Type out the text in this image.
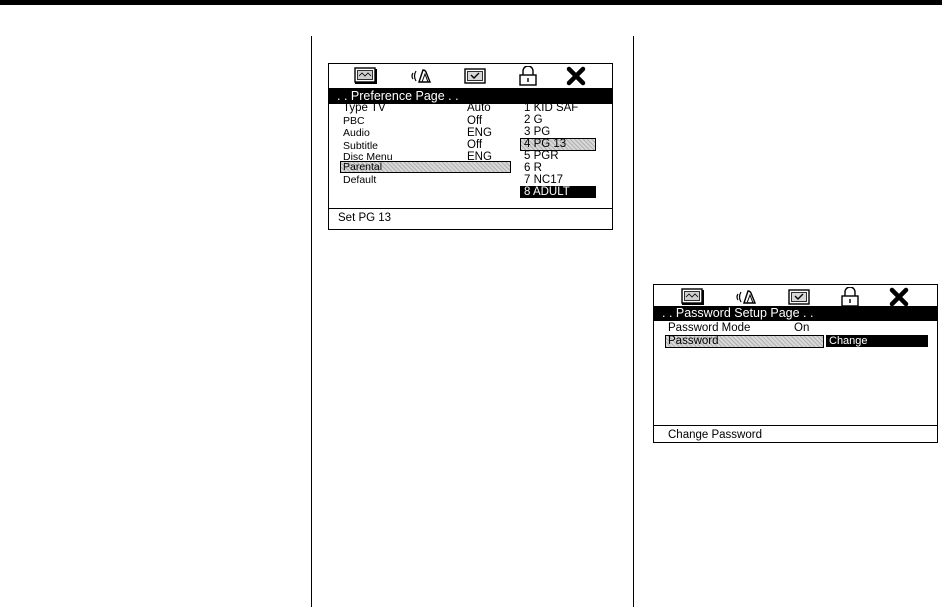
. . Preference Page . .
Type TV
PBC
Audio
Subtitle
Disc Menu
Parental
Default
Auto
Off
ENG
Off
ENG
1 KID SAF
2 G
3 PG
4 PG 13
5 PGR
6 R
7 NC17
8 ADULT
Set PG 13
. . Password Setup Page . .
Password Mode	On
Password	Change
Change Password
